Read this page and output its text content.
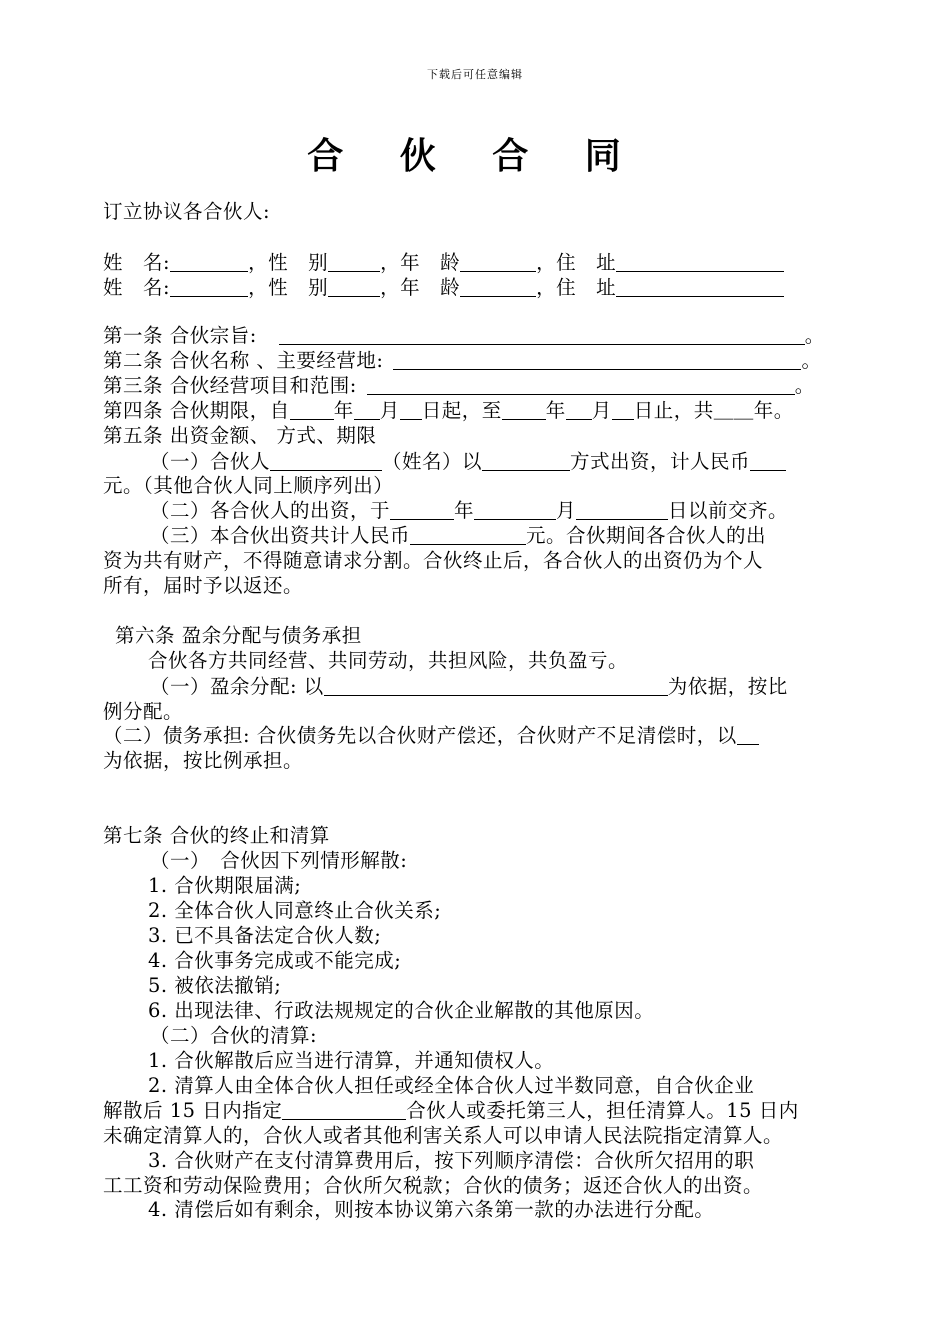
下载后可任意编辑
合 伙 合 同
订立协议各合伙人:
姓　名:	，性　别	，年　龄	，住　址
姓　名:	，性　别	，年　龄	，住　址
第一条 合伙宗旨:	。
第二条 合伙名称 、主要经营地:	。
第三条 合伙经营项目和范围:	。
第四条 合伙期限，自 年 月 日起，至 年 月 日止，共＿＿年。
第五条 出资金额、 方式、期限
（一）合伙人	（姓名）以	方式出资，计人民币
元。（其他合伙人同上顺序列出）
（二）各合伙人的出资，于	年	月	日以前交齐。
（三）本合伙出资共计人民币	元。合伙期间各合伙人的出
资为共有财产，不得随意请求分割。合伙终止后，各合伙人的出资仍为个人
所有，届时予以返还。
第六条 盈余分配与债务承担
合伙各方共同经营、共同劳动，共担风险，共负盈亏。
（一）盈余分配: 以	为依据，按比
例分配。
（二）债务承担: 合伙债务先以合伙财产偿还，合伙财产不足清偿时，以
为依据，按比例承担。
第七条 合伙的终止和清算
（一）　合伙因下列情形解散:
1. 合伙期限届满;
2. 全体合伙人同意终止合伙关系;
3. 已不具备法定合伙人数;
4. 合伙事务完成或不能完成;
5. 被依法撤销;
6. 出现法律、行政法规规定的合伙企业解散的其他原因。
（二）合伙的清算:
1. 合伙解散后应当进行清算，并通知债权人。
2. 清算人由全体合伙人担任或经全体合伙人过半数同意，自合伙企业
解散后 15 日内指定	合伙人或委托第三人，担任清算人。15 日内
未确定清算人的，合伙人或者其他利害关系人可以申请人民法院指定清算人。
3. 合伙财产在支付清算费用后，按下列顺序清偿：合伙所欠招用的职
工工资和劳动保险费用；合伙所欠税款；合伙的债务；返还合伙人的出资。
4. 清偿后如有剩余，则按本协议第六条第一款的办法进行分配。
